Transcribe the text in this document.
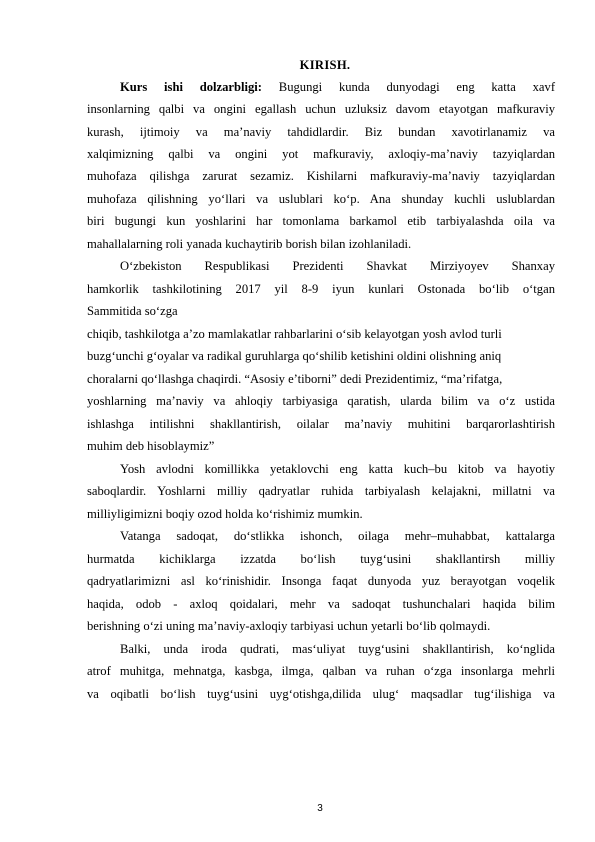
KIRISH.
Kurs ishi dolzarbligi: Bugungi kunda dunyodagi eng katta xavf
insonlarning qalbi va ongini egallash uchun uzluksiz davom etayotgan mafkuraviy
kurash, ijtimoiy va ma’naviy tahdidlardir. Biz bundan xavotirlanamiz va
xalqimizning qalbi va ongini yot mafkuraviy, axloqiy-ma’naviy tazyiqlardan
muhofaza qilishga zarurat sezamiz. Kishilarni mafkuraviy-ma’naviy tazyiqlardan
muhofaza qilishning yo‘llari va uslublari ko‘p. Ana shunday kuchli uslublardan
biri bugungi kun yoshlarini har tomonlama barkamol etib tarbiyalashda oila va
mahallalarning roli yanada kuchaytirib borish bilan izohlaniladi.
O‘zbekiston Respublikasi Prezidenti Shavkat Mirziyoyev Shanxay
hamkorlik tashkilotining 2017 yil 8-9 iyun kunlari Ostonada bo‘lib o‘tgan
Sammitida so‘zga
chiqib, tashkilotga a’zo mamlakatlar rahbarlarini o‘sib kelayotgan yosh avlod turli
buzg‘unchi g‘oyalar va radikal guruhlarga qo‘shilib ketishini oldini olishning aniq
choralarni qo‘llashga chaqirdi. “Asosiy e’tiborni” dedi Prezidentimiz, “ma’rifatga,
yoshlarning ma’naviy va ahloqiy tarbiyasiga qaratish, ularda bilim va o‘z ustida
ishlashga intilishni shakllantirish, oilalar ma’naviy muhitini barqarorlashtirish
muhim deb hisoblaymiz”
Yosh avlodni komillikka yetaklovchi eng katta kuch–bu kitob va hayotiy
saboqlardir. Yoshlarni milliy qadryatlar ruhida tarbiyalash kelajakni, millatni va
milliyligimizni boqiy ozod holda ko‘rishimiz mumkin.
Vatanga sadoqat, do‘stlikka ishonch, oilaga mehr–muhabbat, kattalarga
hurmatda kichiklarga izzatda bo‘lish tuyg‘usini shakllantirsh milliy
qadryatlarimizni asl ko‘rinishidir. Insonga faqat dunyoda yuz berayotgan voqelik
haqida, odob - axloq qoidalari, mehr va sadoqat tushunchalari haqida bilim
berishning o‘zi uning ma’naviy-axloqiy tarbiyasi uchun yetarli bo‘lib qolmaydi.
Balki, unda iroda qudrati, mas‘uliyat tuyg‘usini shakllantirish, ko‘nglida
atrof muhitga, mehnatga, kasbga, ilmga, qalban va ruhan o‘zga insonlarga mehrli
va oqibatli bo‘lish tuyg‘usini uyg‘otishga,dilida ulug‘ maqsadlar tug‘ilishiga va
3
